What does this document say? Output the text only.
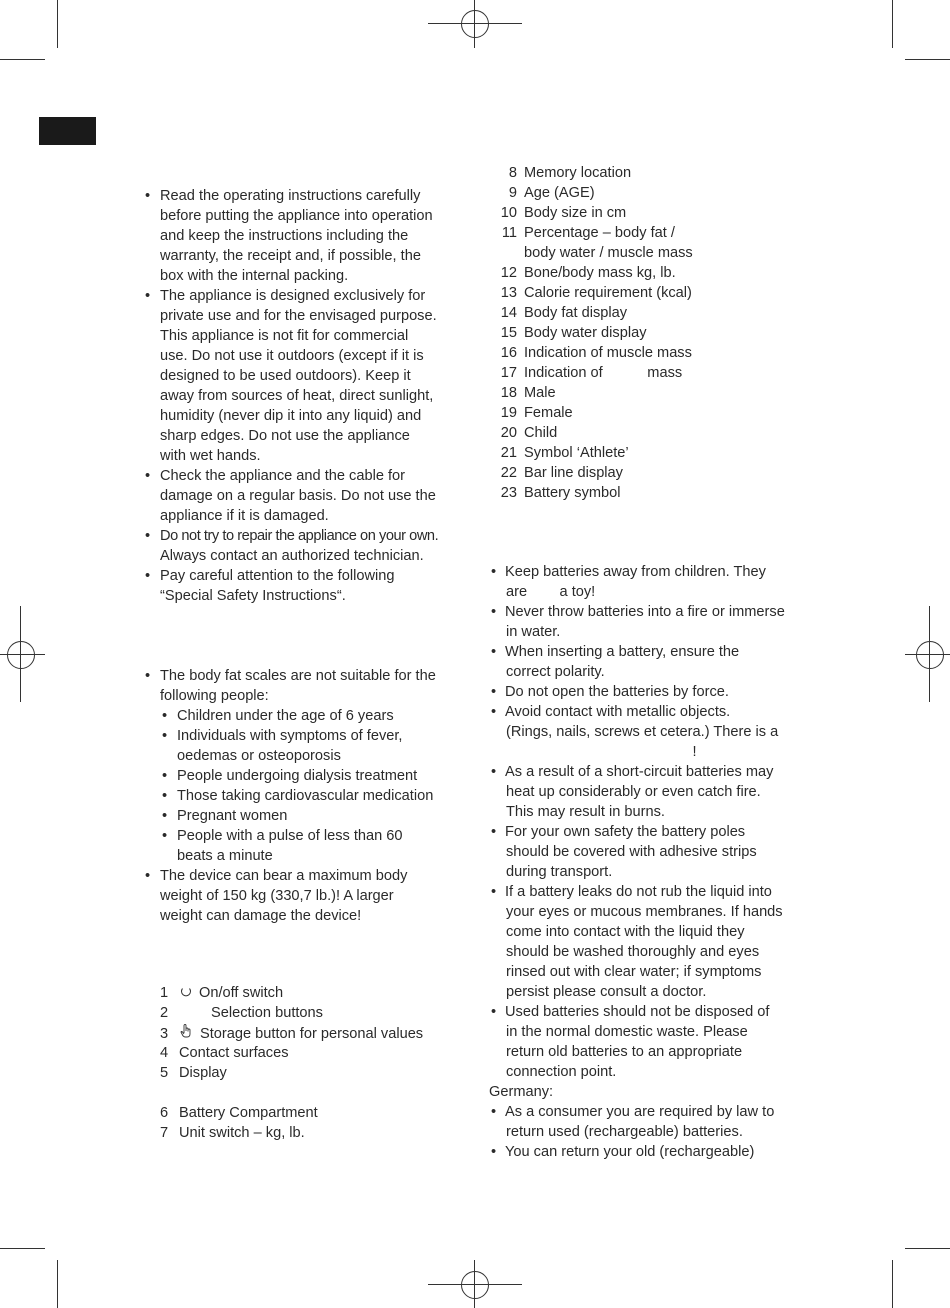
• Read the operating instructions carefully
before putting the appliance into operation
and keep the instructions including the
warranty, the receipt and, if possible, the
box with the internal packing.
• The appliance is designed exclusively for
private use and for the envisaged purpose.
This appliance is not fit for commercial
use. Do not use it outdoors (except if it is
designed to be used outdoors). Keep it
away from sources of heat, direct sunlight,
humidity (never dip it into any liquid) and
sharp edges. Do not use the appliance
with wet hands.
• Check the appliance and the cable for
damage on a regular basis. Do not use the
appliance if it is damaged.
• Do not try to repair the appliance on your own.
Always contact an authorized technician.
• Pay careful attention to the following
“Special Safety Instructions“.
• The body fat scales are not suitable for the
following people:
• Children under the age of 6 years
• Individuals with symptoms of fever,
oedemas or osteoporosis
• People undergoing dialysis treatment
• Those taking cardiovascular medication
• Pregnant women
• People with a pulse of less than 60
beats a minute
• The device can bear a maximum body
weight of 150 kg (330,7 lb.)! A larger
weight can damage the device!
1 On/off switch
2	Selection buttons
3 Storage button for personal values
4 Contact surfaces
5 Display
6 Battery Compartment
7 Unit switch – kg, lb.
8 Memory location
9 Age (AGE)
10 Body size in cm
11 Percentage – body fat /
body water / muscle mass
12 Bone/body mass kg, lb.
13 Calorie requirement (kcal)
14 Body fat display
15 Body water display
16 Indication of muscle mass
17 Indication of           mass
18 Male
19 Female
20 Child
21 Symbol ‘Athlete’
22 Bar line display
23 Battery symbol
• Keep batteries away from children. They
are        a toy!
• Never throw batteries into a fire or immerse
in water.
• When inserting a battery, ensure the
correct polarity.
• Do not open the batteries by force.
• Avoid contact with metallic objects.
(Rings, nails, screws et cetera.) There is a
!
• As a result of a short-circuit batteries may
heat up considerably or even catch fire.
This may result in burns.
• For your own safety the battery poles
should be covered with adhesive strips
during transport.
• If a battery leaks do not rub the liquid into
your eyes or mucous membranes. If hands
come into contact with the liquid they
should be washed thoroughly and eyes
rinsed out with clear water; if symptoms
persist please consult a doctor.
• Used batteries should not be disposed of
in the normal domestic waste. Please
return old batteries to an appropriate
connection point.
Germany:
• As a consumer you are required by law to
return used (rechargeable) batteries.
• You can return your old (rechargeable)
